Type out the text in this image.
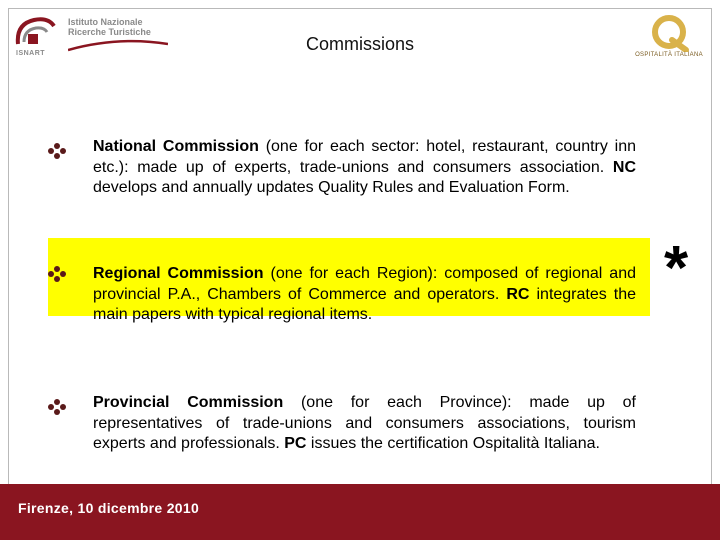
Istituto Nazionale
Ricerche Turistiche
ISNART	OSPITALITÀ ITALIANA
Commissions
*
National Commission (one for each sector: hotel, restaurant, country inn etc.): made up of experts, trade-unions and consumers association. NC develops and annually updates Quality Rules and Evaluation Form.
Regional Commission (one for each Region): composed of regional and provincial P.A., Chambers of Commerce and operators. RC integrates the main papers with typical regional items.
Provincial Commission (one for each Province): made up of representatives of trade-unions and consumers associations, tourism experts and professionals. PC issues the certification Ospitalità Italiana.
Firenze, 10 dicembre 2010
